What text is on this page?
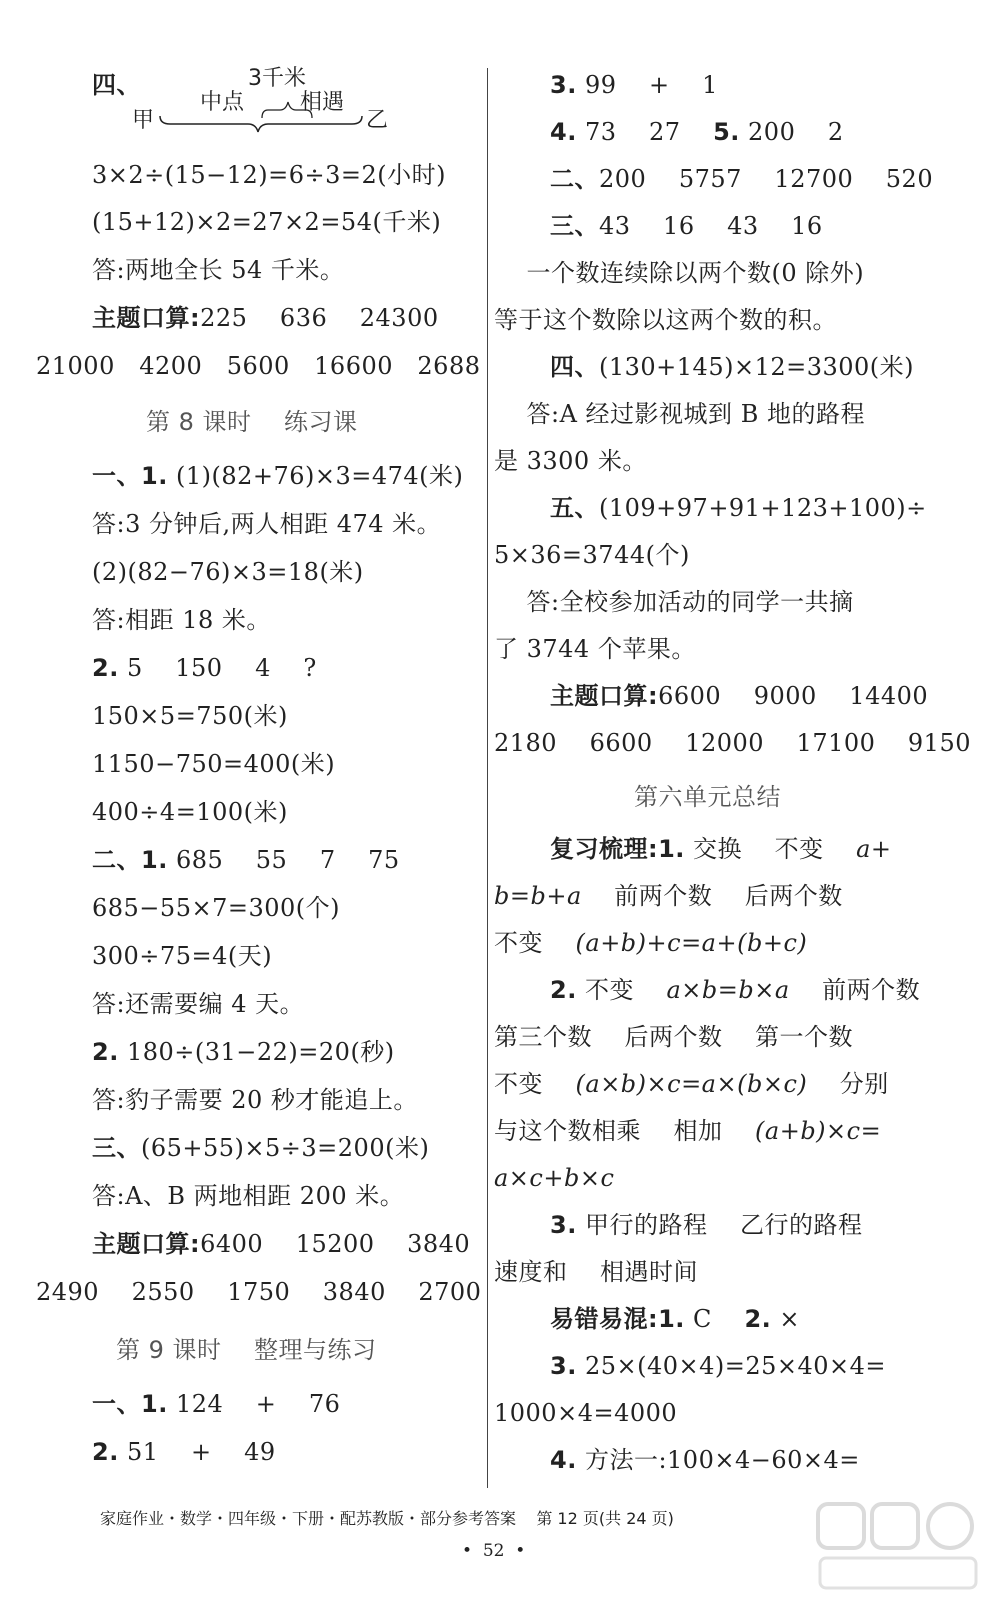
四、	3千米
中点	相遇
甲	乙
3×2÷(15−12)=6÷3=2(小时)
(15+12)×2=27×2=54(千米)
答:两地全长 54 千米。
主题口算:225    636    24300
21000   4200   5600   16600   2688
第 8 课时    练习课
一、1. (1)(82+76)×3=474(米)
答:3 分钟后,两人相距 474 米。
(2)(82−76)×3=18(米)
答:相距 18 米。
2. 5    150    4    ?
150×5=750(米)
1150−750=400(米)
400÷4=100(米)
二、1. 685    55    7    75
685−55×7=300(个)
300÷75=4(天)
答:还需要编 4 天。
2. 180÷(31−22)=20(秒)
答:豹子需要 20 秒才能追上。
三、(65+55)×5÷3=200(米)
答:A、B 两地相距 200 米。
主题口算:6400    15200    3840
2490    2550    1750    3840    2700
第 9 课时    整理与练习
一、1. 124    +    76
2. 51    +    49
3. 99    +    1
4. 73    27    5. 200    2
二、200    5757    12700    520
三、43    16    43    16
一个数连续除以两个数(0 除外)
等于这个数除以这两个数的积。
四、(130+145)×12=3300(米)
答:A 经过影视城到 B 地的路程
是 3300 米。
五、(109+97+91+123+100)÷
5×36=3744(个)
答:全校参加活动的同学一共摘
了 3744 个苹果。
主题口算:6600    9000    14400
2180    6600    12000    17100    9150
第六单元总结
复习梳理:1. 交换    不变    a+
b=b+a    前两个数    后两个数
不变    (a+b)+c=a+(b+c)
2. 不变    a×b=b×a    前两个数
第三个数    后两个数    第一个数
不变    (a×b)×c=a×(b×c)    分别
与这个数相乘    相加    (a+b)×c=
a×c+b×c
3. 甲行的路程    乙行的路程
速度和    相遇时间
易错易混:1. C    2. ×
3. 25×(40×4)=25×40×4=
1000×4=4000
4. 方法一:100×4−60×4=
家庭作业・数学・四年级・下册・配苏教版・部分参考答案    第 12 页(共 24 页)
•  52  •
